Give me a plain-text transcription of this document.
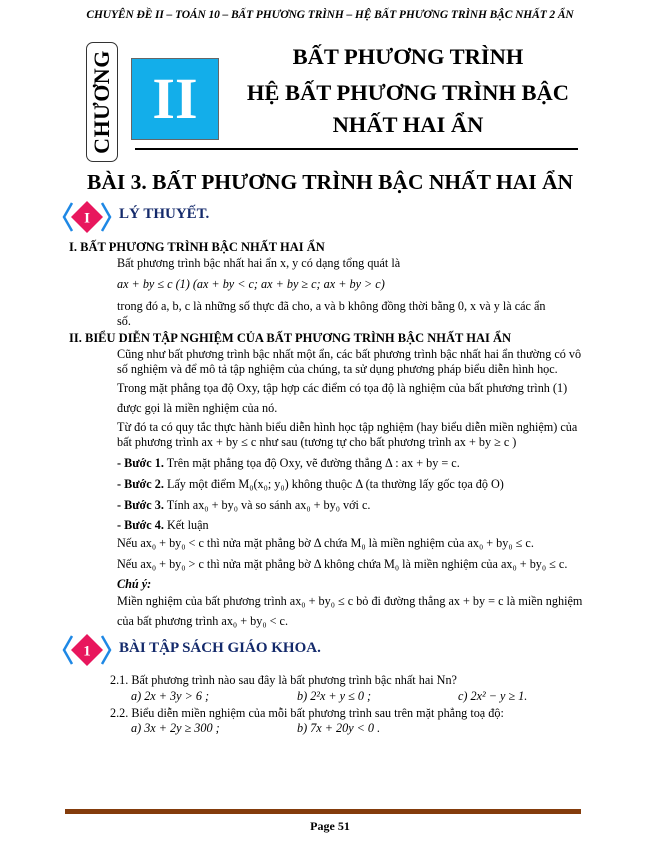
CHUYÊN ĐỀ II – TOÁN 10 – BẤT PHƯƠNG TRÌNH – HỆ BẤT PHƯƠNG TRÌNH BẬC NHẤT 2 ẨN
CHƯƠNG II
BẤT PHƯƠNG TRÌNH
HỆ BẤT PHƯƠNG TRÌNH BẬC
NHẤT HAI ẨN
BÀI 3. BẤT PHƯƠNG TRÌNH BẬC NHẤT HAI ẨN
I LÝ THUYẾT.
I. BẤT PHƯƠNG TRÌNH BẬC NHẤT HAI ẨN
Bất phương trình bậc nhất hai ẩn x, y có dạng tổng quát là
ax + by ≤ c (1) (ax + by < c; ax + by ≥ c; ax + by > c)
trong đó a, b, c là những số thực đã cho, a và b không đồng thời bằng 0, x và y là các ẩn
số.
II. BIỂU DIỄN TẬP NGHIỆM CỦA BẤT PHƯƠNG TRÌNH BẬC NHẤT HAI ẨN
Cũng như bất phương trình bậc nhất một ẩn, các bất phương trình bậc nhất hai ẩn thường có vô
số nghiệm và để mô tả tập nghiệm của chúng, ta sử dụng phương pháp biểu diễn hình học.
Trong mặt phẳng tọa độ Oxy, tập hợp các điểm có tọa độ là nghiệm của bất phương trình (1)
được gọi là miền nghiệm của nó.
Từ đó ta có quy tắc thực hành biểu diễn hình học tập nghiệm (hay biểu diễn miền nghiệm) của
bất phương trình ax + by ≤ c như sau (tương tự cho bất phương trình ax + by ≥ c )
- Bước 1. Trên mặt phẳng tọa độ Oxy, vẽ đường thẳng Δ : ax + by = c.
- Bước 2. Lấy một điểm M₀(x₀; y₀) không thuộc Δ (ta thường lấy gốc tọa độ O)
- Bước 3. Tính ax₀ + by₀ và so sánh ax₀ + by₀ với c.
- Bước 4. Kết luận
Nếu ax₀ + by₀ < c thì nửa mặt phẳng bờ Δ chứa M₀ là miền nghiệm của ax₀ + by₀ ≤ c.
Nếu ax₀ + by₀ > c thì nửa mặt phẳng bờ Δ không chứa M₀ là miền nghiệm của ax₀ + by₀ ≤ c.
Chú ý:
Miền nghiệm của bất phương trình ax₀ + by₀ ≤ c bỏ đi đường thẳng ax + by = c là miền nghiệm
của bất phương trình ax₀ + by₀ < c.
1 BÀI TẬP SÁCH GIÁO KHOA.
2.1. Bất phương trình nào sau đây là bất phương trình bậc nhất hai Nn?
a) 2x + 3y > 6 ;	b) 2²x + y ≤ 0 ;	c) 2x² − y ≥ 1.
2.2. Biểu diễn miền nghiệm của mỗi bất phương trình sau trên mặt phẳng toạ độ:
a) 3x + 2y ≥ 300 ;	b) 7x + 20y < 0 .
Page 51
